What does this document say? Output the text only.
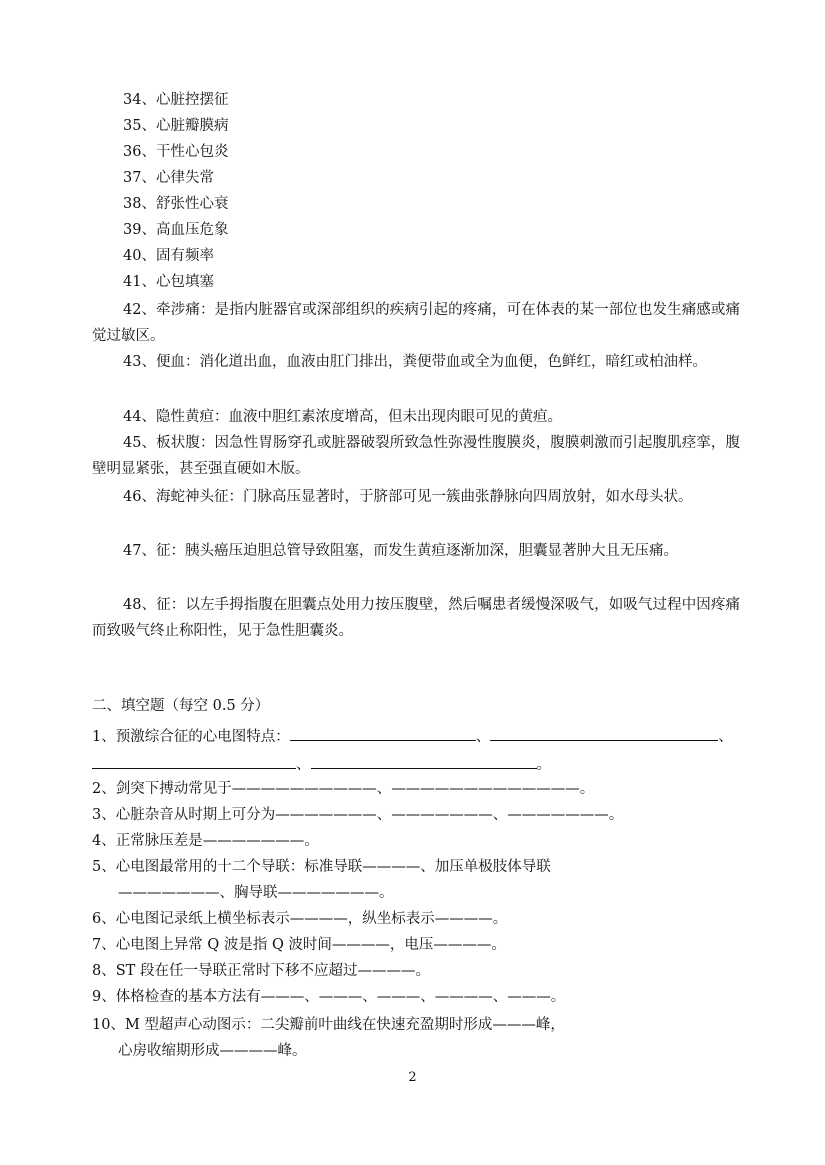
34、心脏控摆征
35、心脏瓣膜病
36、干性心包炎
37、心律失常
38、舒张性心衰
39、高血压危象
40、固有频率
41、心包填塞
42、牵涉痛：是指内脏器官或深部组织的疾病引起的疼痛，可在体表的某一部位也发生痛感或痛觉过敏区。
43、便血：消化道出血，血液由肛门排出，粪便带血或全为血便，色鲜红，暗红或柏油样。
44、隐性黄疸：血液中胆红素浓度增高，但未出现肉眼可见的黄疸。
45、板状腹：因急性胃肠穿孔或脏器破裂所致急性弥漫性腹膜炎，腹膜刺激而引起腹肌痉挛，腹壁明显紧张，甚至强直硬如木版。
46、海蛇神头征：门脉高压显著时，于脐部可见一簇曲张静脉向四周放射，如水母头状。
47、征：胰头癌压迫胆总管导致阻塞，而发生黄疸逐渐加深，胆囊显著肿大且无压痛。
48、征：以左手拇指腹在胆囊点处用力按压腹壁，然后嘱患者缓慢深吸气，如吸气过程中因疼痛而致吸气终止称阳性，见于急性胆囊炎。
二、填空题（每空 0.5 分）
1、预激综合征的心电图特点：	、	、
、	。
2、剑突下搏动常见于——————————、—————————————。
3、心脏杂音从时期上可分为———————、———————、———————。
4、正常脉压差是———————。
5、心电图最常用的十二个导联：标准导联————、加压单极肢体导联
———————、胸导联———————。
6、心电图记录纸上横坐标表示————，纵坐标表示————。
7、心电图上异常 Q 波是指 Q 波时间————，电压————。
8、ST 段在任一导联正常时下移不应超过————。
9、体格检查的基本方法有———、———、———、————、———。
10、M 型超声心动图示：二尖瓣前叶曲线在快速充盈期时形成———峰，
心房收缩期形成————峰。
2
